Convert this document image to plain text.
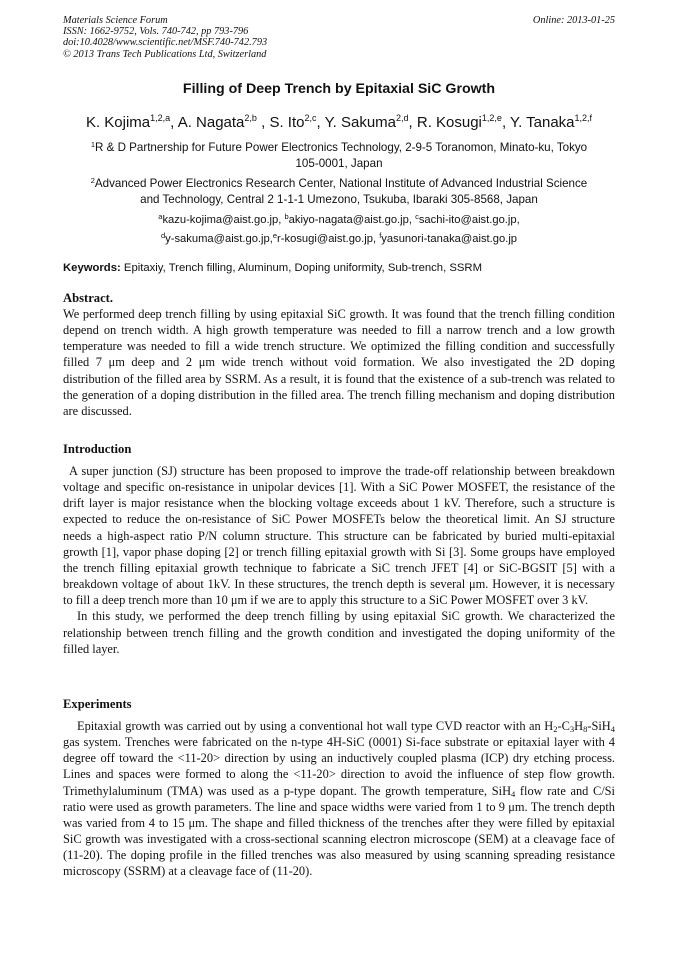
Materials Science Forum
ISSN: 1662-9752, Vols. 740-742, pp 793-796
doi:10.4028/www.scientific.net/MSF.740-742.793
© 2013 Trans Tech Publications Ltd, Switzerland
Online: 2013-01-25
Filling of Deep Trench by Epitaxial SiC Growth
K. Kojima$^{1,2,a}$, A. Nagata$^{2,b}$ , S. Ito$^{2,c}$, Y. Sakuma$^{2,d}$, R. Kosugi$^{1,2,e}$, Y. Tanaka$^{1,2,f}$
$^1$R & D Partnership for Future Power Electronics Technology, 2-9-5 Toranomon, Minato-ku, Tokyo
105-0001, Japan
$^2$Advanced Power Electronics Research Center, National Institute of Advanced Industrial Science
and Technology, Central 2 1-1-1 Umezono, Tsukuba, Ibaraki 305-8568, Japan
$^a$kazu-kojima@aist.go.jp, $^b$akiyo-nagata@aist.go.jp, $^c$sachi-ito@aist.go.jp,
$^d$y-sakuma@aist.go.jp,$^e$r-kosugi@aist.go.jp, $^f$yasunori-tanaka@aist.go.jp
Keywords: Epitaxiy, Trench filling, Aluminum, Doping uniformity, Sub-trench, SSRM
Abstract.

We performed deep trench filling by using epitaxial SiC growth. It was found that the trench filling condition depend on trench width. A high growth temperature was needed to fill a narrow trench and a low growth temperature was needed to fill a wide trench structure. We optimized the filling condition and successfully filled 7 μm deep and 2 μm wide trench without void formation. We also investigated the 2D doping distribution of the filled area by SSRM. As a result, it is found that the existence of a sub-trench was related to the generation of a doping distribution in the filled area. The trench filling mechanism and doping distribution are discussed.

Introduction

A super junction (SJ) structure has been proposed to improve the trade-off relationship between breakdown voltage and specific on-resistance in unipolar devices [1]. With a SiC Power MOSFET, the resistance of the drift layer is major resistance when the blocking voltage exceeds about 1 kV. Therefore, such a structure is expected to reduce the on-resistance of SiC Power MOSFETs below the theoretical limit. An SJ structure needs a high-aspect ratio P/N column structure. This structure can be fabricated by buried multi-epitaxial growth [1], vapor phase doping [2] or trench filling epitaxial growth with Si [3]. Some groups have employed the trench filling epitaxial growth technique to fabricate a SiC trench JFET [4] or SiC-BGSIT [5] with a breakdown voltage of about 1kV. In these structures, the trench depth is several μm. However, it is necessary to fill a deep trench more than 10 μm if we are to apply this structure to a SiC Power MOSFET over 3 kV.

In this study, we performed the deep trench filling by using epitaxial SiC growth. We characterized the relationship between trench filling and the growth condition and investigated the doping uniformity of the filled layer.

Experiments

Epitaxial growth was carried out by using a conventional hot wall type CVD reactor with an $H_2-C_3H_8-SiH_4$ gas system. Trenches were fabricated on the n-type 4H-SiC (0001) Si-face substrate or epitaxial layer with 4 degree off toward the <11-20> direction by using an inductively coupled plasma (ICP) dry etching process. Lines and spaces were formed to along the <11-20> direction to avoid the influence of step flow growth. Trimethylaluminum (TMA) was used as a p-type dopant. The growth temperature, SiH$_4$ flow rate and C/Si ratio were used as growth parameters. The line and space widths were varied from 1 to 9 μm. The trench depth was varied from 4 to 15 μm. The shape and filled thickness of the trenches after they were filled by epitaxial SiC growth was investigated with a cross-sectional scanning electron microscope (SEM) at a cleavage face of (11-20). The doping profile in the filled trenches was also measured by using scanning spreading resistance microscopy (SSRM) at a cleavage face of (11-20).
